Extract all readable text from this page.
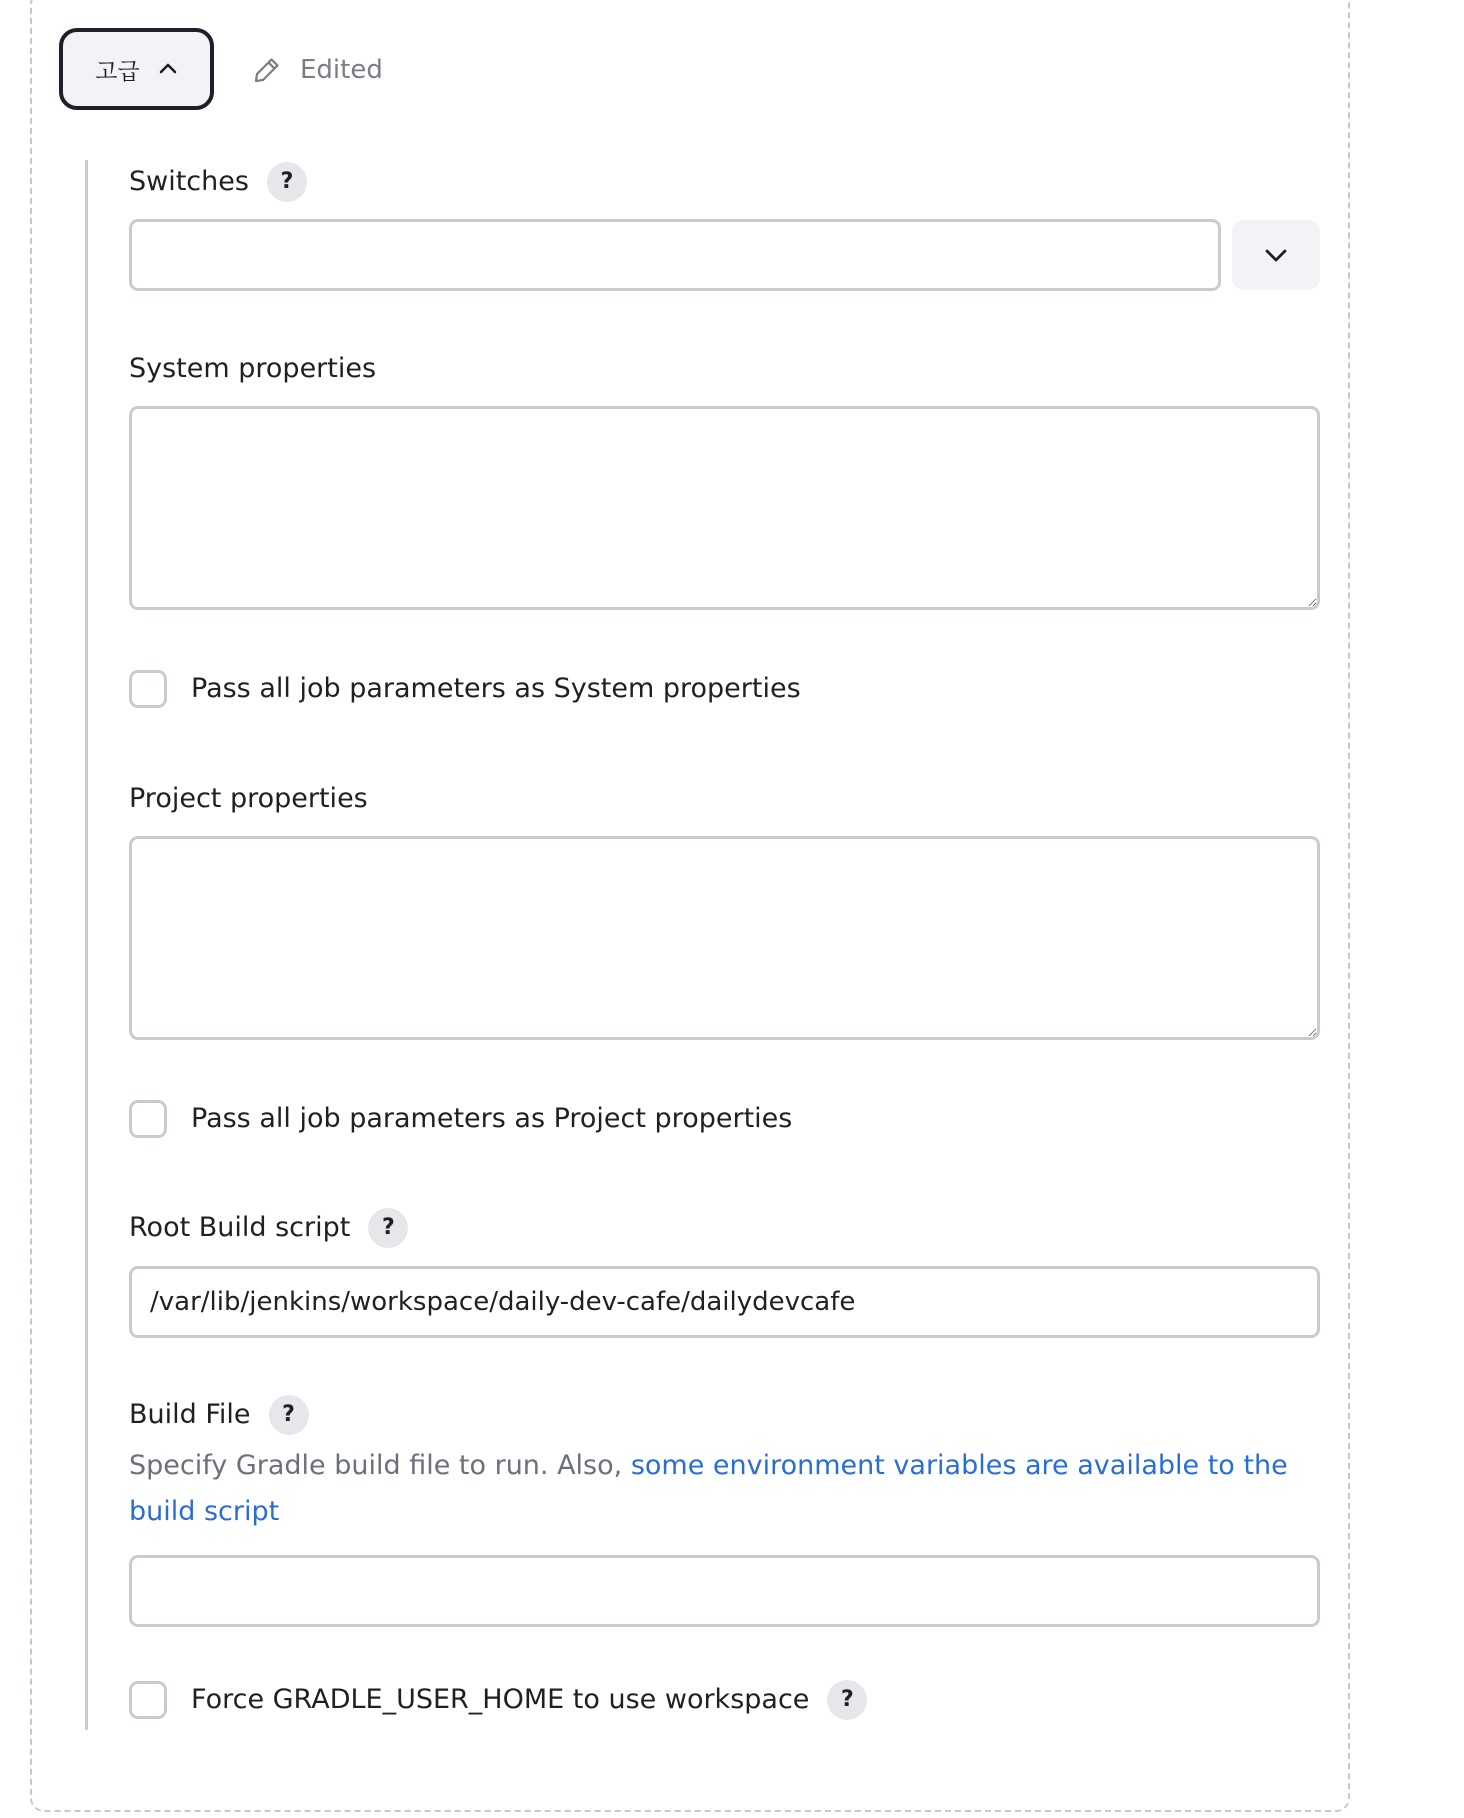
고급	Edited
Switches	?
System properties
Pass all job parameters as System properties
Project properties
Pass all job parameters as Project properties
Root Build script	?
/var/lib/jenkins/workspace/daily-dev-cafe/dailydevcafe
Build File	?
Specify Gradle build file to run. Also, some environment variables are available to the build script
Force GRADLE_USER_HOME to use workspace	?
